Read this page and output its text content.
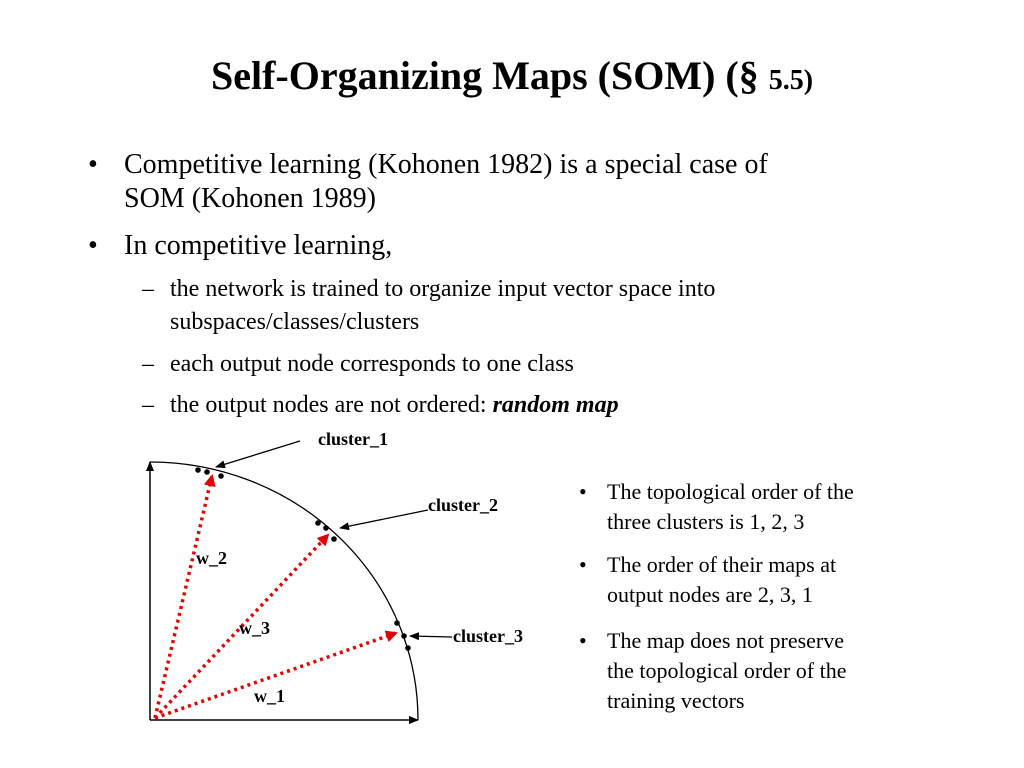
Self-Organizing Maps (SOM) (§ 5.5)
• Competitive learning (Kohonen 1982) is a special case of
SOM (Kohonen 1989)
• In competitive learning,
– the network is trained to organize input vector space into
subspaces/classes/clusters
– each output node corresponds to one class
– the output nodes are not ordered: random map
cluster_1
cluster_2
cluster_3
w_2
w_3
w_1
• The topological order of the
three clusters is 1, 2, 3
• The order of their maps at
output nodes are 2, 3, 1
• The map does not preserve
the topological order of the
training vectors
